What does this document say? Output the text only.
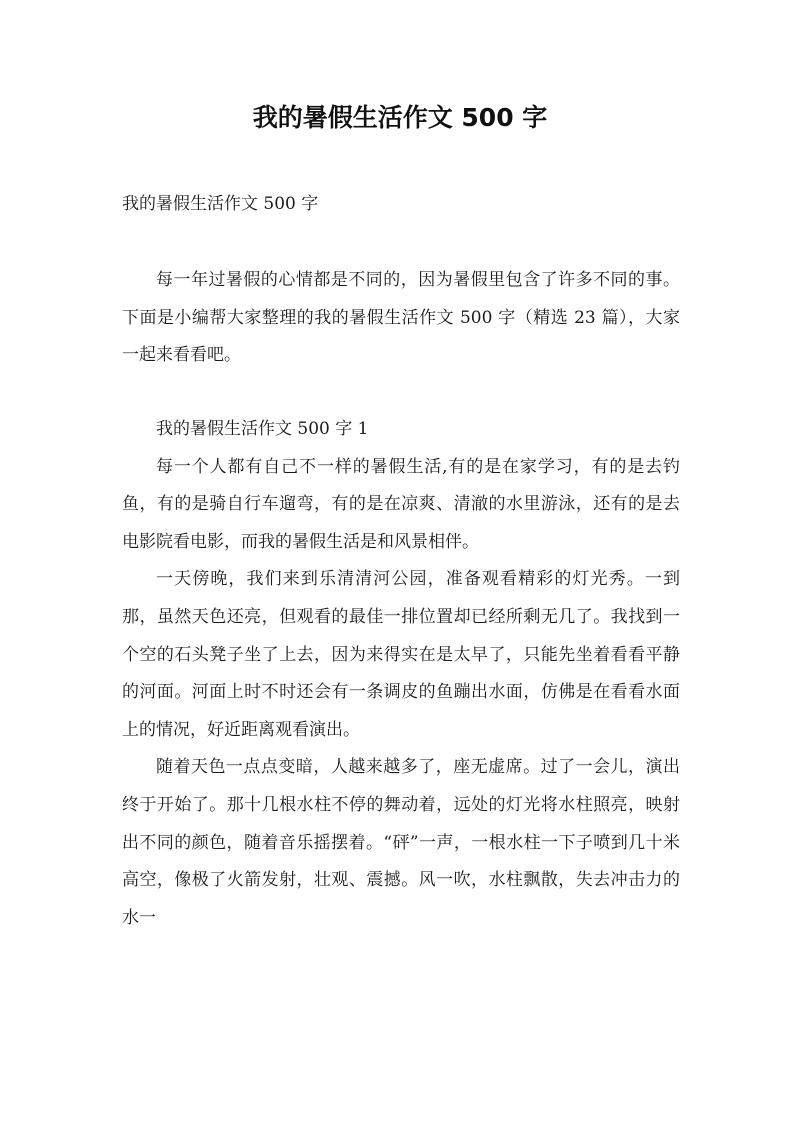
我的暑假生活作文 500 字
我的暑假生活作文 500 字

每一年过暑假的心情都是不同的，因为暑假里包含了许多不同的事。下面是小编帮大家整理的我的暑假生活作文 500 字（精选 23 篇），大家一起来看看吧。

我的暑假生活作文 500 字 1

每一个人都有自己不一样的暑假生活,有的是在家学习，有的是去钓鱼，有的是骑自行车遛弯，有的是在凉爽、清澈的水里游泳，还有的是去电影院看电影，而我的暑假生活是和风景相伴。

一天傍晚，我们来到乐清清河公园，准备观看精彩的灯光秀。一到那，虽然天色还亮，但观看的最佳一排位置却已经所剩无几了。我找到一个空的石头凳子坐了上去，因为来得实在是太早了，只能先坐着看看平静的河面。河面上时不时还会有一条调皮的鱼蹦出水面，仿佛是在看看水面上的情况，好近距离观看演出。

随着天色一点点变暗，人越来越多了，座无虚席。过了一会儿，演出终于开始了。那十几根水柱不停的舞动着，远处的灯光将水柱照亮，映射出不同的颜色，随着音乐摇摆着。“砰”一声，一根水柱一下子喷到几十米高空，像极了火箭发射，壮观、震撼。风一吹，水柱飘散，失去冲击力的水一
